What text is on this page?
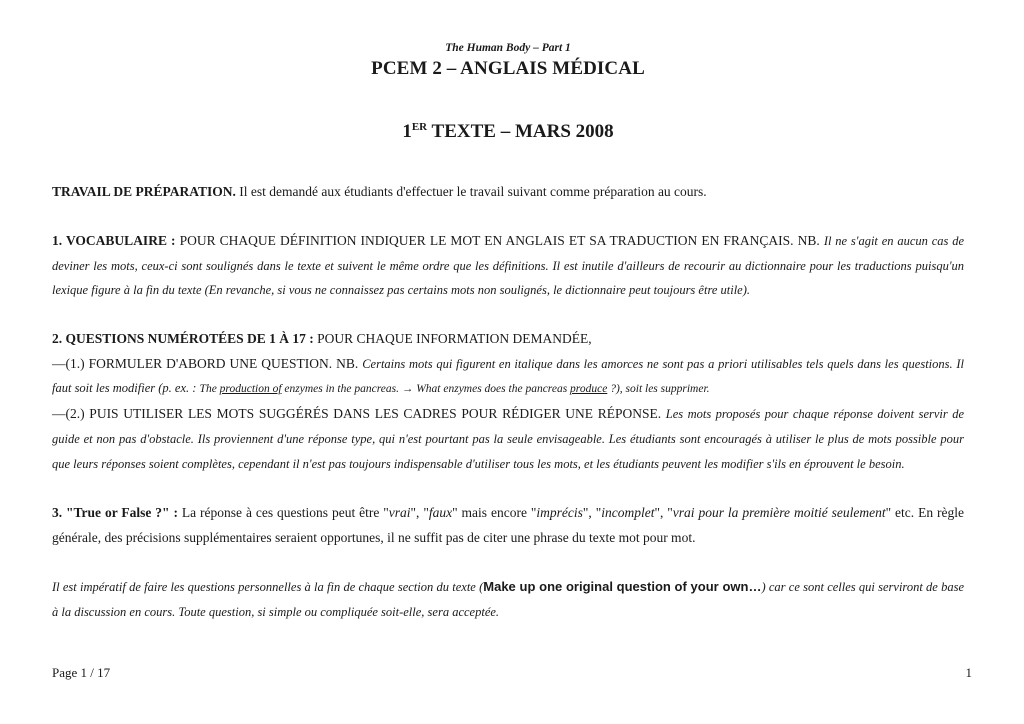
The Human Body – Part 1
PCEM 2 – ANGLAIS MÉDICAL
1ER TEXTE – MARS 2008
TRAVAIL DE PRÉPARATION. Il est demandé aux étudiants d'effectuer le travail suivant comme préparation au cours.
1. VOCABULAIRE : POUR CHAQUE DÉFINITION INDIQUER LE MOT EN ANGLAIS ET SA TRADUCTION EN FRANÇAIS. NB. Il ne s'agit en aucun cas de deviner les mots, ceux-ci sont soulignés dans le texte et suivent le même ordre que les définitions. Il est inutile d'ailleurs de recourir au dictionnaire pour les traductions puisqu'un lexique figure à la fin du texte (En revanche, si vous ne connaissez pas certains mots non soulignés, le dictionnaire peut toujours être utile).
2. QUESTIONS NUMÉROTÉES DE 1 À 17 : POUR CHAQUE INFORMATION DEMANDÉE,
—(1.) FORMULER D'ABORD UNE QUESTION. NB. Certains mots qui figurent en italique dans les amorces ne sont pas a priori utilisables tels quels dans les questions. Il faut soit les modifier (p. ex. : The production of enzymes in the pancreas. → What enzymes does the pancreas produce ?), soit les supprimer.
—(2.) PUIS UTILISER LES MOTS SUGGÉRÉS DANS LES CADRES POUR RÉDIGER UNE RÉPONSE. Les mots proposés pour chaque réponse doivent servir de guide et non pas d'obstacle. Ils proviennent d'une réponse type, qui n'est pourtant pas la seule envisageable. Les étudiants sont encouragés à utiliser le plus de mots possible pour que leurs réponses soient complètes, cependant il n'est pas toujours indispensable d'utiliser tous les mots, et les étudiants peuvent les modifier s'ils en éprouvent le besoin.
3. "True or False ?" : La réponse à ces questions peut être "vrai", "faux" mais encore "imprécis", "incomplet", "vrai pour la première moitié seulement" etc. En règle générale, des précisions supplémentaires seraient opportunes, il ne suffit pas de citer une phrase du texte mot pour mot.
Il est impératif de faire les questions personnelles à la fin de chaque section du texte (Make up one original question of your own…) car ce sont celles qui serviront de base à la discussion en cours. Toute question, si simple ou compliquée soit-elle, sera acceptée.
Page 1 / 17	1
